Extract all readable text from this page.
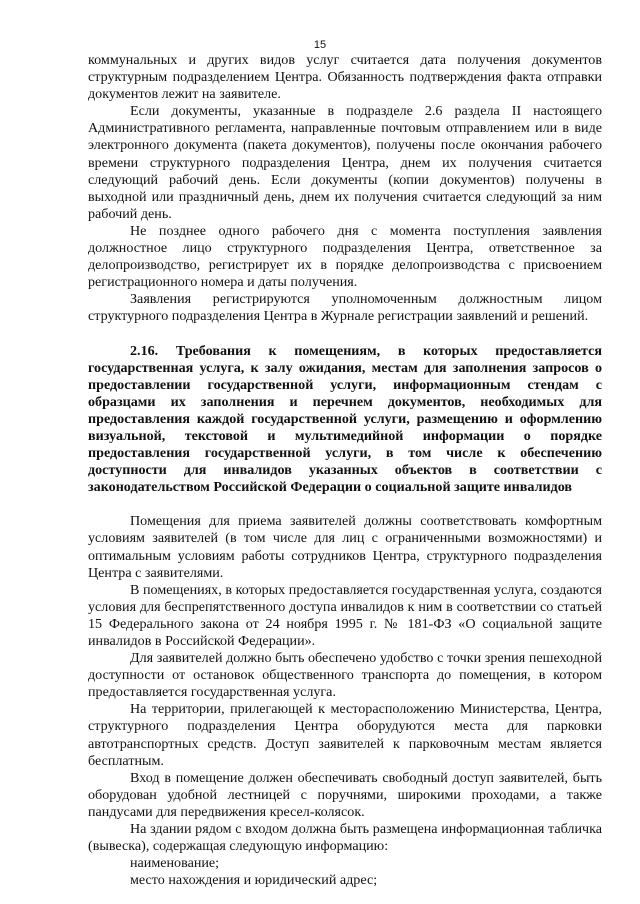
15

коммунальных и других видов услуг считается дата получения документов структурным подразделением Центра. Обязанность подтверждения факта отправки документов лежит на заявителе.

Если документы, указанные в подразделе 2.6 раздела II настоящего Административного регламента, направленные почтовым отправлением или в виде электронного документа (пакета документов), получены после окончания рабочего времени структурного подразделения Центра, днем их получения считается следующий рабочий день. Если документы (копии документов) получены в выходной или праздничный день, днем их получения считается следующий за ним рабочий день.

Не позднее одного рабочего дня с момента поступления заявления должностное лицо структурного подразделения Центра, ответственное за делопроизводство, регистрирует их в порядке делопроизводства с присвоением регистрационного номера и даты получения.

Заявления регистрируются уполномоченным должностным лицом структурного подразделения Центра в Журнале регистрации заявлений и решений.

2.16. Требования к помещениям, в которых предоставляется государственная услуга, к залу ожидания, местам для заполнения запросов о предоставлении государственной услуги, информационным стендам с образцами их заполнения и перечнем документов, необходимых для предоставления каждой государственной услуги, размещению и оформлению визуальной, текстовой и мультимедийной информации о порядке предоставления государственной услуги, в том числе к обеспечению доступности для инвалидов указанных объектов в соответствии с законодательством Российской Федерации о социальной защите инвалидов

Помещения для приема заявителей должны соответствовать комфортным условиям заявителей (в том числе для лиц с ограниченными возможностями) и оптимальным условиям работы сотрудников Центра, структурного подразделения Центра с заявителями.

В помещениях, в которых предоставляется государственная услуга, создаются условия для беспрепятственного доступа инвалидов к ним в соответствии со статьей 15 Федерального закона от 24 ноября 1995 г. № 181-ФЗ «О социальной защите инвалидов в Российской Федерации».

Для заявителей должно быть обеспечено удобство с точки зрения пешеходной доступности от остановок общественного транспорта до помещения, в котором предоставляется государственная услуга.

На территории, прилегающей к месторасположению Министерства, Центра, структурного подразделения Центра оборудуются места для парковки автотранспортных средств. Доступ заявителей к парковочным местам является бесплатным.

Вход в помещение должен обеспечивать свободный доступ заявителей, быть оборудован удобной лестницей с поручнями, широкими проходами, а также пандусами для передвижения кресел-колясок.

На здании рядом с входом должна быть размещена информационная табличка (вывеска), содержащая следующую информацию:

наименование;

место нахождения и юридический адрес;
